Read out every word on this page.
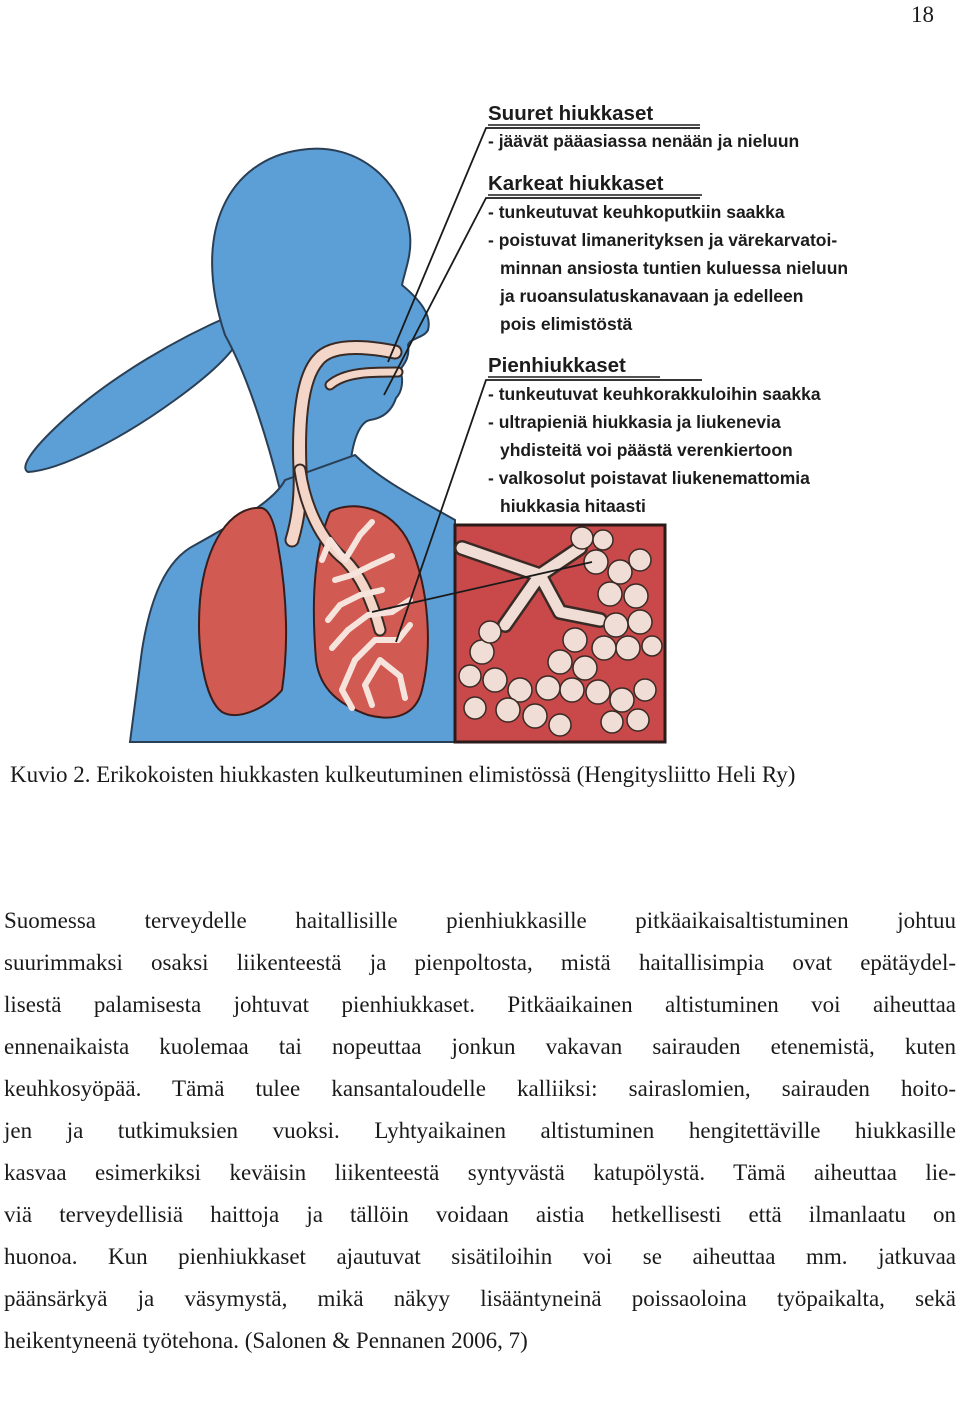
18
Suuret hiukkaset
- jäävät pääasiassa nenään ja nieluun
Karkeat hiukkaset
- tunkeutuvat keuhkoputkiin saakka
- poistuvat limanerityksen ja värekarvatoi-
minnan ansiosta tuntien kuluessa nieluun
ja ruoansulatuskanavaan ja edelleen
pois elimistöstä
Pienhiukkaset
- tunkeutuvat keuhkorakkuloihin saakka
- ultrapieniä hiukkasia ja liukenevia
yhdisteitä voi päästä verenkiertoon
- valkosolut poistavat liukenemattomia
hiukkasia hitaasti

Kuvio 2. Erikokoisten hiukkasten kulkeutuminen elimistössä (Hengitysliitto Heli Ry)

Suomessa terveydelle haitallisille pienhiukkasille pitkäaikaisaltistuminen johtuu
suurimmaksi osaksi liikenteestä ja pienpoltosta, mistä haitallisimpia ovat epätäydel-
lisestä palamisesta johtuvat pienhiukkaset. Pitkäaikainen altistuminen voi aiheuttaa
ennenaikaista kuolemaa tai nopeuttaa jonkun vakavan sairauden etenemistä, kuten
keuhkosyöpää. Tämä tulee kansantaloudelle kalliiksi: sairaslomien, sairauden hoito-
jen ja tutkimuksien vuoksi. Lyhtyaikainen altistuminen hengitettäville hiukkasille
kasvaa esimerkiksi keväisin liikenteestä syntyvästä katupölystä. Tämä aiheuttaa lie-
viä terveydellisiä haittoja ja tällöin voidaan aistia hetkellisesti että ilmanlaatu on
huonoa. Kun pienhiukkaset ajautuvat sisätiloihin voi se aiheuttaa mm. jatkuvaa
päänsärkyä ja väsymystä, mikä näkyy lisääntyneinä poissaoloina työpaikalta, sekä
heikentyneenä työtehona. (Salonen & Pennanen 2006, 7)
